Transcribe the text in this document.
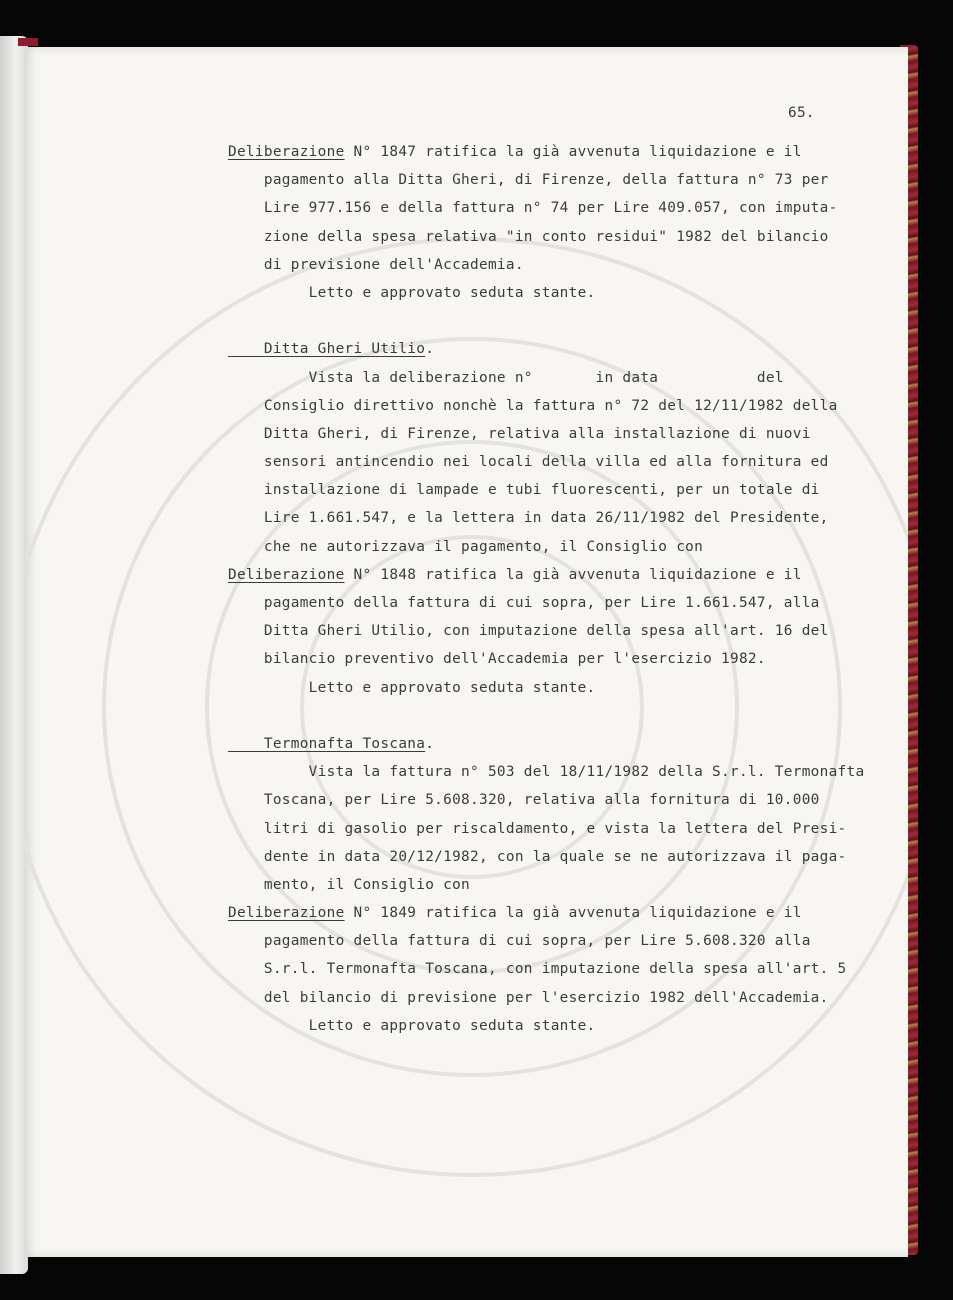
65.
Deliberazione N° 1847 ratifica la già avvenuta liquidazione e il
pagamento alla Ditta Gheri, di Firenze, della fattura n° 73 per
Lire 977.156 e della fattura n° 74 per Lire 409.057, con imputa-
zione della spesa relativa "in conto residui" 1982 del bilancio
di previsione dell'Accademia.
Letto e approvato seduta stante.

Ditta Gheri Utilio.
Vista la deliberazione n°       in data           del
Consiglio direttivo nonchè la fattura n° 72 del 12/11/1982 della
Ditta Gheri, di Firenze, relativa alla installazione di nuovi
sensori antincendio nei locali della villa ed alla fornitura ed
installazione di lampade e tubi fluorescenti, per un totale di
Lire 1.661.547, e la lettera in data 26/11/1982 del Presidente,
che ne autorizzava il pagamento, il Consiglio con
Deliberazione N° 1848 ratifica la già avvenuta liquidazione e il
pagamento della fattura di cui sopra, per Lire 1.661.547, alla
Ditta Gheri Utilio, con imputazione della spesa all'art. 16 del
bilancio preventivo dell'Accademia per l'esercizio 1982.
Letto e approvato seduta stante.

Termonafta Toscana.
Vista la fattura n° 503 del 18/11/1982 della S.r.l. Termonafta
Toscana, per Lire 5.608.320, relativa alla fornitura di 10.000
litri di gasolio per riscaldamento, e vista la lettera del Presi-
dente in data 20/12/1982, con la quale se ne autorizzava il paga-
mento, il Consiglio con
Deliberazione N° 1849 ratifica la già avvenuta liquidazione e il
pagamento della fattura di cui sopra, per Lire 5.608.320 alla
S.r.l. Termonafta Toscana, con imputazione della spesa all'art. 5
del bilancio di previsione per l'esercizio 1982 dell'Accademia.
Letto e approvato seduta stante.
